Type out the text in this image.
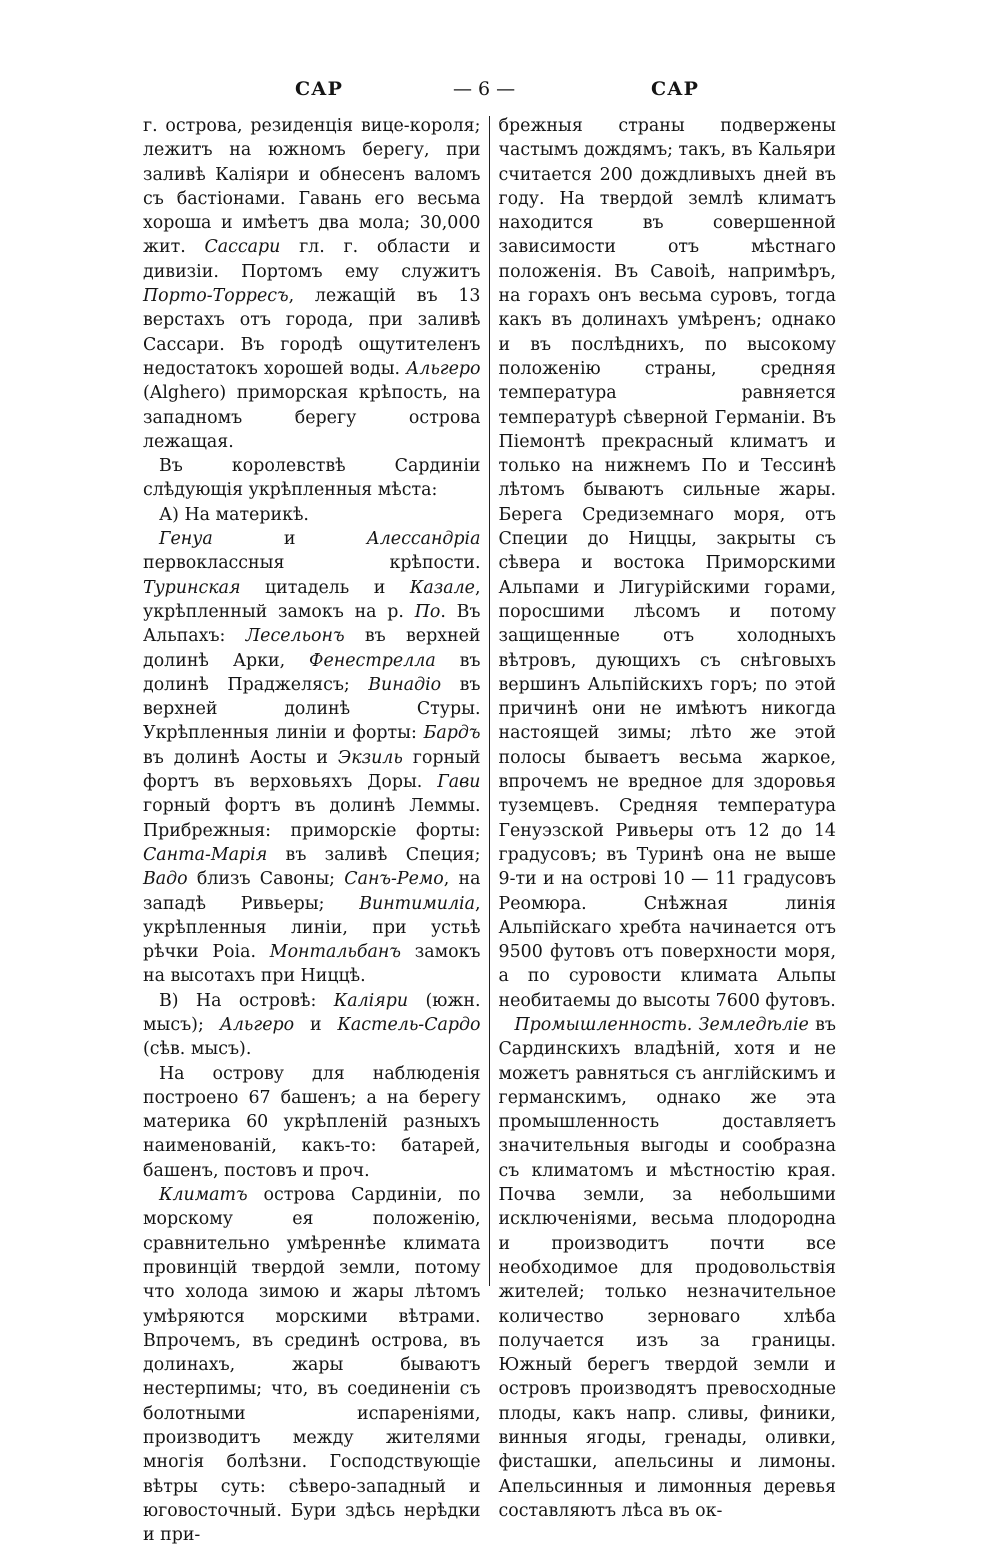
САР	— 6 —	САР

г. острова, резиденція вице-короля; лежитъ на южномъ берегу, при заливѣ Каліяри и обнесенъ валомъ съ бастіонами. Гавань его весьма хороша и имѣетъ два мола; 30,000 жит. Сассари гл. г. области и дивизіи. Портомъ ему служитъ Порто-Торресъ, лежащій въ 13 верстахъ отъ города, при заливѣ Сассари. Въ городѣ ощутителенъ недостатокъ хорошей воды. Альгеро (Alghero) приморская крѣпость, на западномъ берегу острова лежащая.

Въ королевствѣ Сардиніи слѣдующія укрѣпленныя мѣста:

А) На материкѣ.

Генуа и Алессандріа первоклассныя крѣпости. Туринская цитадель и Казале, укрѣпленный замокъ на р. По. Въ Альпахъ: Лесельонъ въ верхней долинѣ Арки, Фенестрелла въ долинѣ Праджелясъ; Винадіо въ верхней долинѣ Стуры. Укрѣпленныя линіи и форты: Бардъ въ долинѣ Аосты и Экзиль горный фортъ въ верховьяхъ Доры. Гави горный фортъ въ долинѣ Леммы. Прибрежныя: приморскіе форты: Санта-Марія въ заливѣ Специя; Вадо близъ Савоны; Санъ-Ремо, на западѣ Ривьеры; Винтимиліа, укрѣпленныя линіи, при устьѣ рѣчки Роіа. Монтальбанъ замокъ на высотахъ при Ниццѣ.

В) На островѣ: Каліяри (южн. мысъ); Альгеро и Кастель-Сардо (сѣв. мысъ).

На острову для наблюденія построено 67 башенъ; а на берегу материка 60 укрѣпленій разныхъ наименованій, какъ-то: батарей, башенъ, постовъ и проч.

Климатъ острова Сардиніи, по морскому ея положенію, сравнительно умѣреннѣе климата провинцій твердой земли, потому что холода зимою и жары лѣтомъ умѣряются морскими вѣтрами. Впрочемъ, въ срединѣ острова, въ долинахъ, жары бываютъ нестерпимы; что, въ соединеніи съ болотными испареніями, производитъ между жителями многія болѣзни. Господствующіе вѣтры суть: сѣверо-западный и юговосточный. Бури здѣсь нерѣдки и при-

брежныя страны подвержены частымъ дождямъ; такъ, въ Кальяри считается 200 дождливыхъ дней въ году. На твердой землѣ климатъ находится въ совершенной зависимости отъ мѣстнаго положенія. Въ Савоіѣ, напримѣръ, на горахъ онъ весьма суровъ, тогда какъ въ долинахъ умѣренъ; однако и въ послѣднихъ, по высокому положенію страны, средняя температура равняется температурѣ сѣверной Германіи. Въ Піемонтѣ прекрасный климатъ и только на нижнемъ По и Тессинѣ лѣтомъ бываютъ сильные жары. Берега Средиземнаго моря, отъ Специи до Ниццы, закрыты съ сѣвера и востока Приморскими Альпами и Лигурійскими горами, поросшими лѣсомъ и потому защищенные отъ холодныхъ вѣтровъ, дующихъ съ снѣговыхъ вершинъ Альпійскихъ горъ; по этой причинѣ они не имѣютъ никогда настоящей зимы; лѣто же этой полосы бываетъ весьма жаркое, впрочемъ не вредное для здоровья туземцевъ. Средняя температура Генуэзской Ривьеры отъ 12 до 14 градусовъ; въ Туринѣ она не выше 9-ти и на острові 10 — 11 градусовъ Реомюра. Снѣжная линія Альпійскаго хребта начинается отъ 9500 футовъ отъ поверхности моря, а по суровости климата Альпы необитаемы до высоты 7600 футовъ.

Промышленность. Земледѣліе въ Сардинскихъ владѣній, хотя и не можетъ равняться съ англійскимъ и германскимъ, однако же эта промышленность доставляетъ значительныя выгоды и сообразна съ климатомъ и мѣстностію края. Почва земли, за небольшими исключеніями, весьма плодородна и производитъ почти все необходимое для продовольствія жителей; только незначительное количество зерноваго хлѣба получается изъ за границы. Южный берегъ твердой земли и островъ производятъ превосходные плоды, какъ напр. сливы, финики, винныя ягоды, гренады, оливки, фисташки, апельсины и лимоны. Апельсинныя и лимонныя деревья составляютъ лѣса въ ок-
